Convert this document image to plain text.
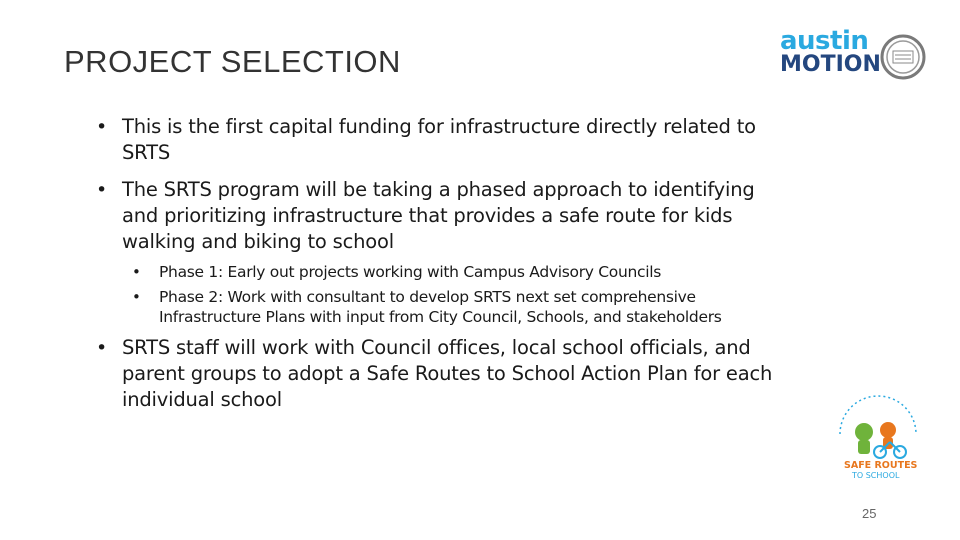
PROJECT SELECTION
austin
MOTION
• This is the first capital funding for infrastructure directly related to SRTS
• The SRTS program will be taking a phased approach to identifying and prioritizing infrastructure that provides a safe route for kids walking and biking to school
• Phase 1: Early out projects working with Campus Advisory Councils
• Phase 2: Work with consultant to develop SRTS next set comprehensive Infrastructure Plans with input from City Council, Schools, and stakeholders
• SRTS staff will work with Council offices, local school officials, and parent groups to adopt a Safe Routes to School Action Plan for each individual school
SAFE ROUTES
TO SCHOOL
25
